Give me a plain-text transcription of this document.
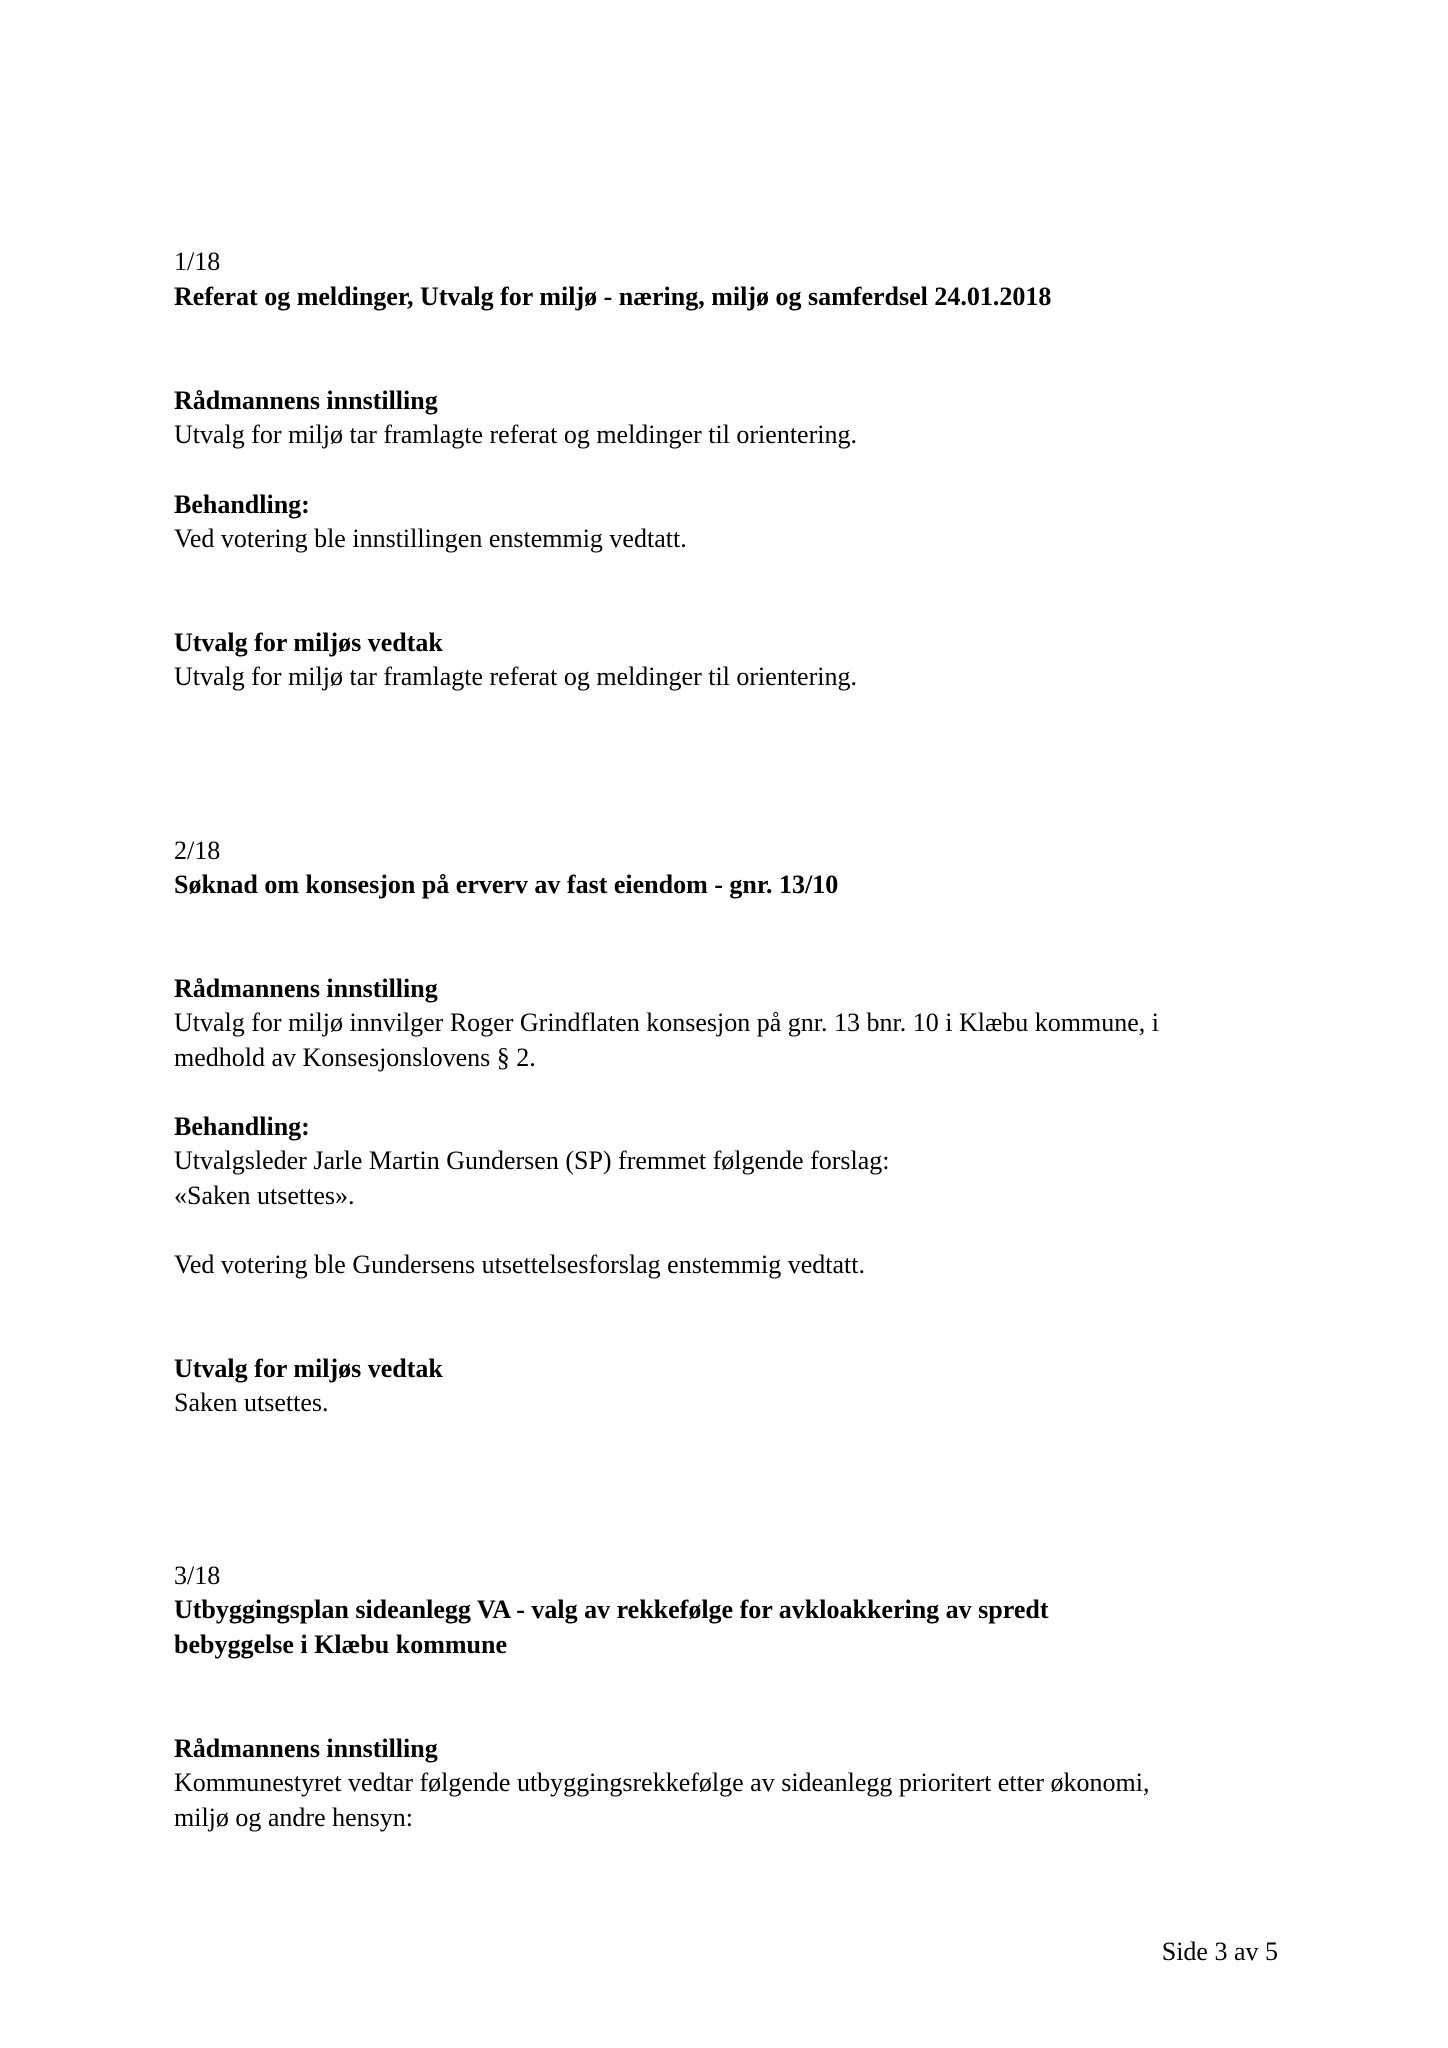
1/18

Referat og meldinger, Utvalg for miljø - næring, miljø og samferdsel 24.01.2018

Rådmannens innstilling

Utvalg for miljø tar framlagte referat og meldinger til orientering.

Behandling:

Ved votering ble innstillingen enstemmig vedtatt.

Utvalg for miljøs vedtak

Utvalg for miljø tar framlagte referat og meldinger til orientering.

2/18

Søknad om konsesjon på erverv av fast eiendom - gnr. 13/10

Rådmannens innstilling

Utvalg for miljø innvilger Roger Grindflaten konsesjon på gnr. 13 bnr. 10 i Klæbu kommune, i

medhold av Konsesjonslovens § 2.

Behandling:

Utvalgsleder Jarle Martin Gundersen (SP) fremmet følgende forslag:

«Saken utsettes».

Ved votering ble Gundersens utsettelsesforslag enstemmig vedtatt.

Utvalg for miljøs vedtak

Saken utsettes.

3/18

Utbyggingsplan sideanlegg VA - valg av rekkefølge for avkloakkering av spredt

bebyggelse i Klæbu kommune

Rådmannens innstilling

Kommunestyret vedtar følgende utbyggingsrekkefølge av sideanlegg prioritert etter økonomi,

miljø og andre hensyn:

Side 3 av 5
